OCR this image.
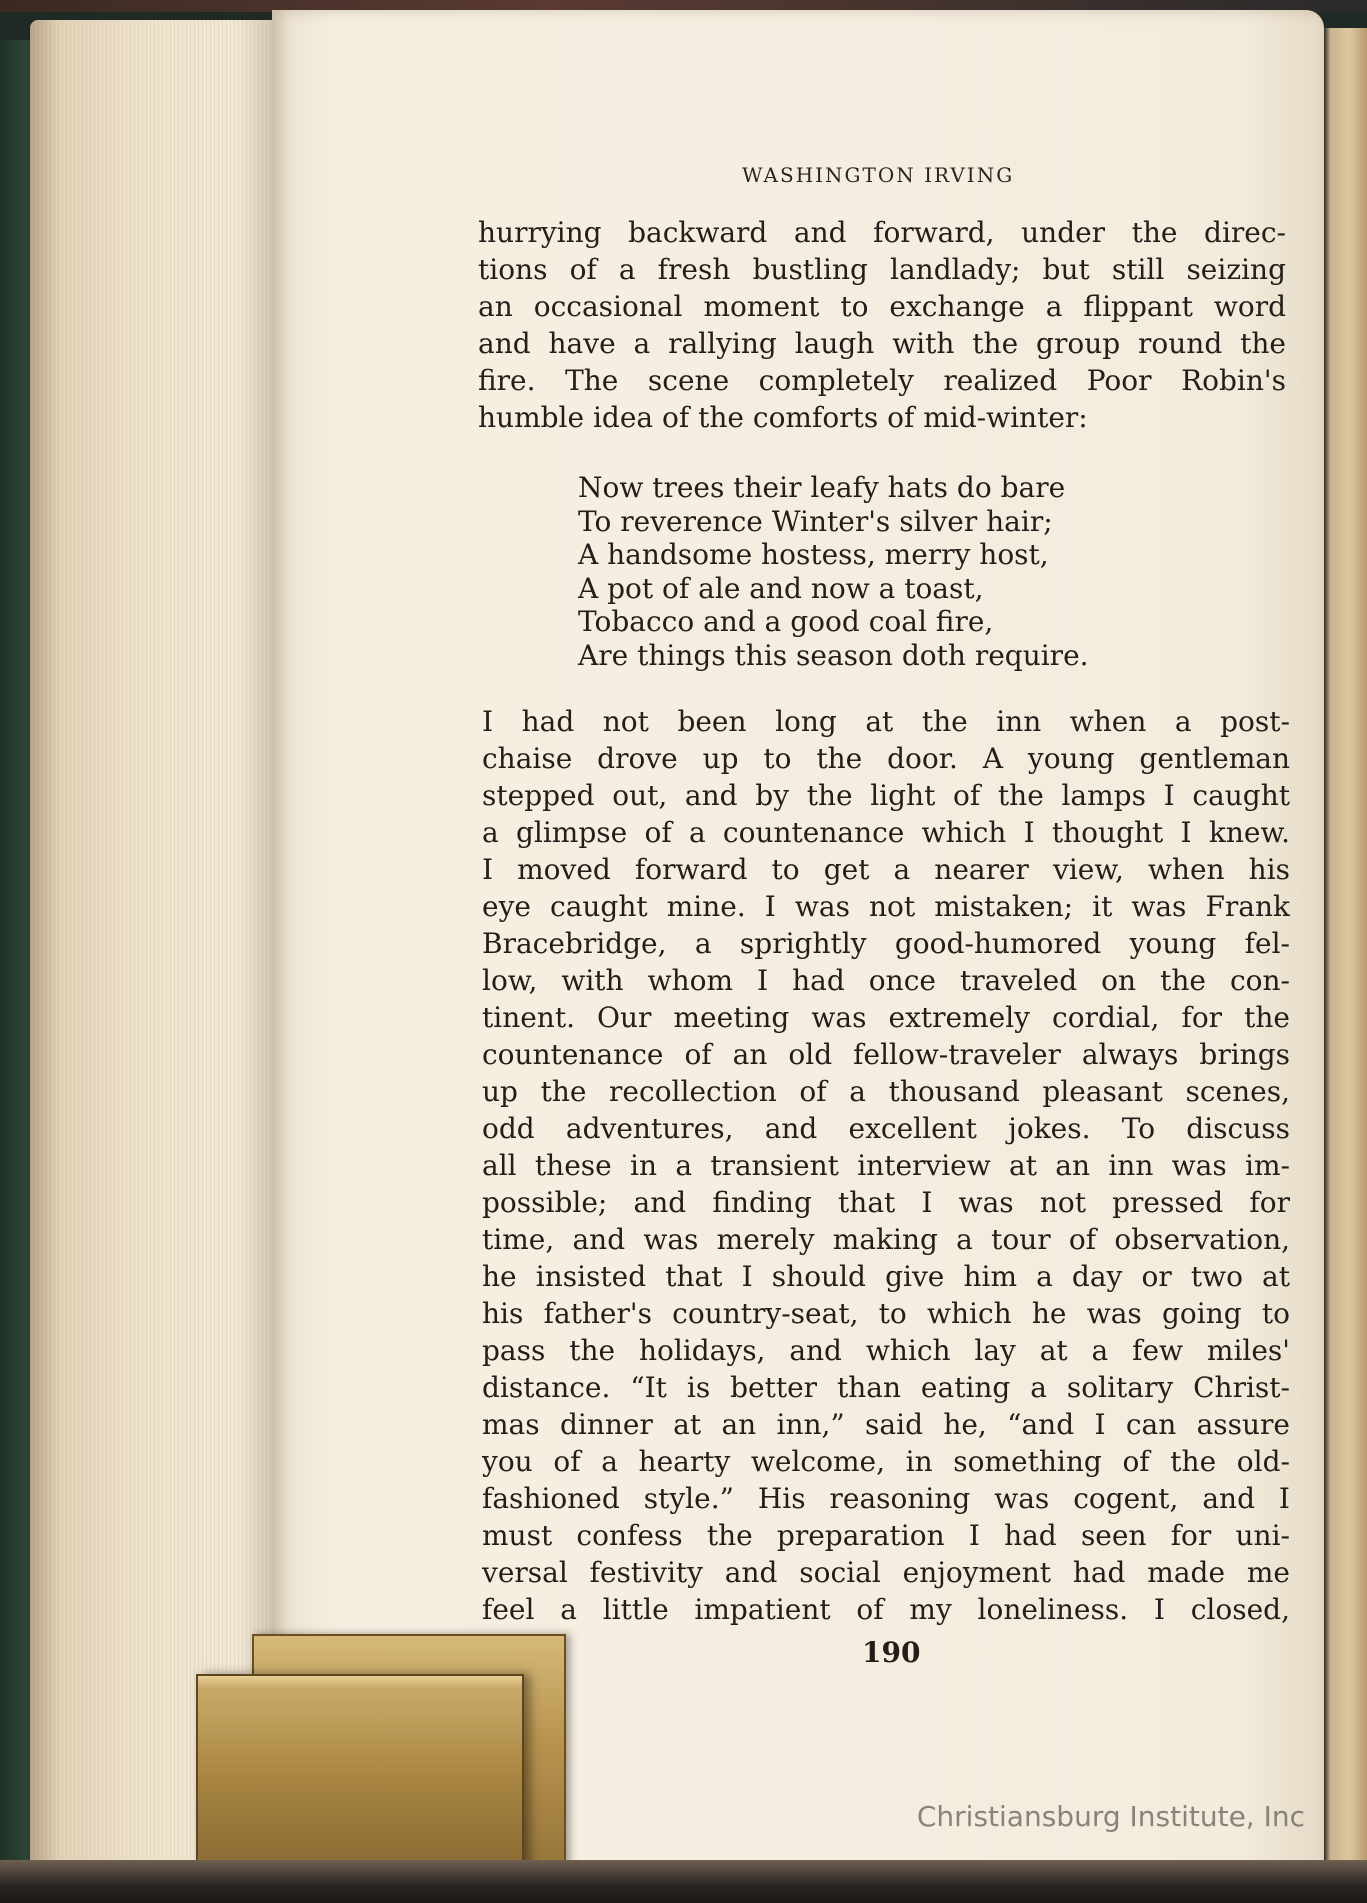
WASHINGTON IRVING
hurrying backward and forward, under the direc-
tions of a fresh bustling landlady; but still seizing
an occasional moment to exchange a flippant word
and have a rallying laugh with the group round the
fire. The scene completely realized Poor Robin's
humble idea of the comforts of mid-winter:
Now trees their leafy hats do bare
To reverence Winter's silver hair;
A handsome hostess, merry host,
A pot of ale and now a toast,
Tobacco and a good coal fire,
Are things this season doth require.
I had not been long at the inn when a post-
chaise drove up to the door. A young gentleman
stepped out, and by the light of the lamps I caught
a glimpse of a countenance which I thought I knew.
I moved forward to get a nearer view, when his
eye caught mine. I was not mistaken; it was Frank
Bracebridge, a sprightly good-humored young fel-
low, with whom I had once traveled on the con-
tinent. Our meeting was extremely cordial, for the
countenance of an old fellow-traveler always brings
up the recollection of a thousand pleasant scenes,
odd adventures, and excellent jokes. To discuss
all these in a transient interview at an inn was im-
possible; and finding that I was not pressed for
time, and was merely making a tour of observation,
he insisted that I should give him a day or two at
his father's country-seat, to which he was going to
pass the holidays, and which lay at a few miles'
distance. “It is better than eating a solitary Christ-
mas dinner at an inn,” said he, “and I can assure
you of a hearty welcome, in something of the old-
fashioned style.” His reasoning was cogent, and I
must confess the preparation I had seen for uni-
versal festivity and social enjoyment had made me
feel a little impatient of my loneliness. I closed,
190
Christiansburg Institute, Inc
